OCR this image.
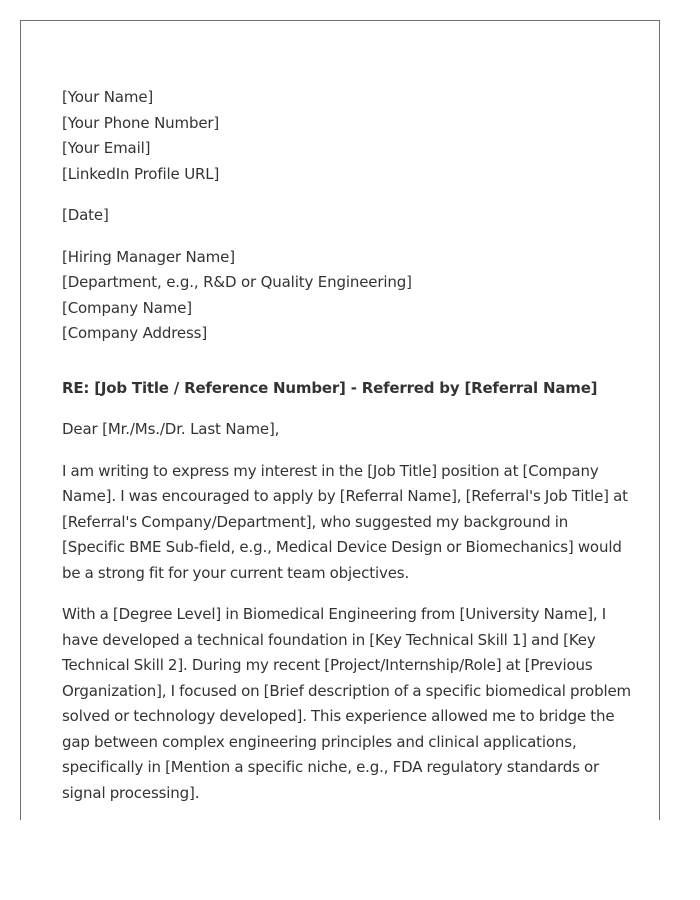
[Your Name]
[Your Phone Number]
[Your Email]
[LinkedIn Profile URL]
[Date]
[Hiring Manager Name]
[Department, e.g., R&D or Quality Engineering]
[Company Name]
[Company Address]
RE: [Job Title / Reference Number] - Referred by [Referral Name]
Dear [Mr./Ms./Dr. Last Name],

I am writing to express my interest in the [Job Title] position at [Company Name]. I was encouraged to apply by [Referral Name], [Referral's Job Title] at [Referral's Company/Department], who suggested my background in [Specific BME Sub-field, e.g., Medical Device Design or Biomechanics] would be a strong fit for your current team objectives.

With a [Degree Level] in Biomedical Engineering from [University Name], I have developed a technical foundation in [Key Technical Skill 1] and [Key Technical Skill 2]. During my recent [Project/Internship/Role] at [Previous Organization], I focused on [Brief description of a specific biomedical problem solved or technology developed]. This experience allowed me to bridge the gap between complex engineering principles and clinical applications, specifically in [Mention a specific niche, e.g., FDA regulatory standards or signal processing].
